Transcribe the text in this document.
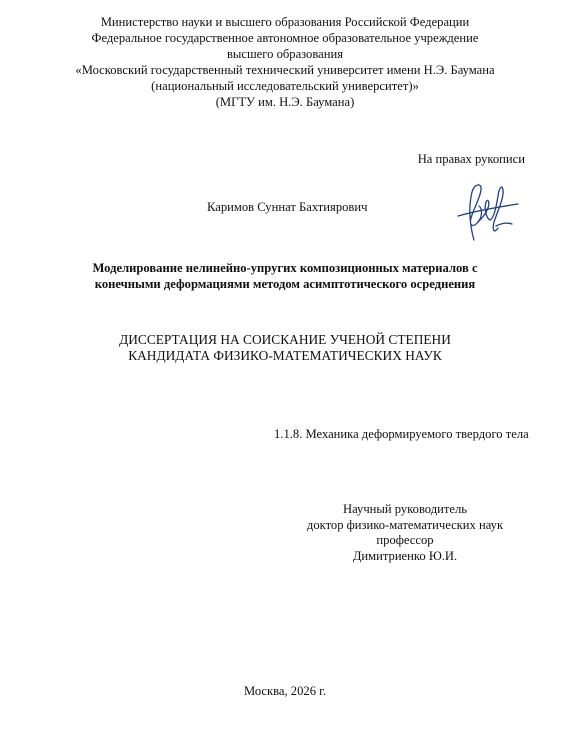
Министерство науки и высшего образования Российской Федерации
Федеральное государственное автономное образовательное учреждение
высшего образования
«Московский государственный технический университет имени Н.Э. Баумана
(национальный исследовательский университет)»
(МГТУ им. Н.Э. Баумана)
На правах рукописи
Каримов Суннат Бахтиярович
Моделирование нелинейно-упругих композиционных материалов с
конечными деформациями методом асимптотического осреднения
ДИССЕРТАЦИЯ НА СОИСКАНИЕ УЧЕНОЙ СТЕПЕНИ
КАНДИДАТА ФИЗИКО-МАТЕМАТИЧЕСКИХ НАУК
1.1.8. Механика деформируемого твердого тела
Научный руководитель
доктор физико-математических наук
профессор
Димитриенко Ю.И.
Москва, 2026 г.
